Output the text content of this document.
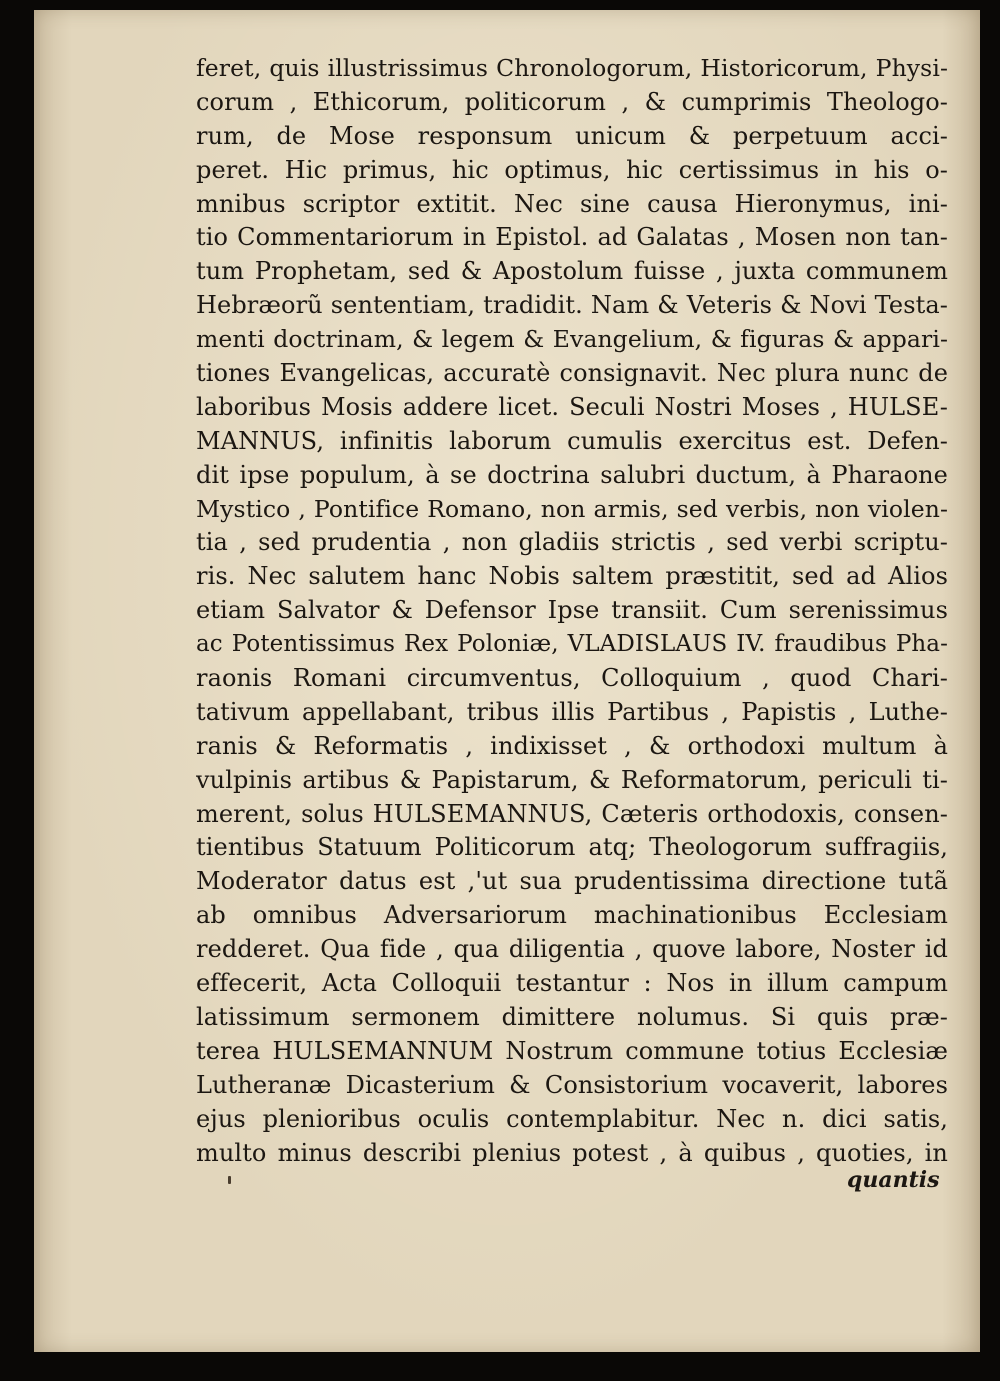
feret, quis illustrissimus Chronologorum, Historicorum, Physi-
corum , Ethicorum, politicorum , & cumprimis Theologo-
rum, de Mose responsum unicum & perpetuum acci-
peret. Hic primus, hic optimus, hic certissimus in his o-
mnibus scriptor extitit. Nec sine causa Hieronymus, ini-
tio Commentariorum in Epistol. ad Galatas , Mosen non tan-
tum Prophetam, sed & Apostolum fuisse , juxta communem
Hebræorũ sententiam, tradidit. Nam & Veteris & Novi Testa-
menti doctrinam, & legem & Evangelium, & figuras & appari-
tiones Evangelicas, accuratè consignavit. Nec plura nunc de
laboribus Mosis addere licet. Seculi Nostri Moses , HULSE-
MANNUS, infinitis laborum cumulis exercitus est. Defen-
dit ipse populum, à se doctrina salubri ductum, à Pharaone
Mystico , Pontifice Romano, non armis, sed verbis, non violen-
tia , sed prudentia , non gladiis strictis , sed verbi scriptu-
ris. Nec salutem hanc Nobis saltem præstitit, sed ad Alios
etiam Salvator & Defensor Ipse transiit. Cum serenissimus
ac Potentissimus Rex Poloniæ, VLADISLAUS IV. fraudibus Pha-
raonis Romani circumventus, Colloquium , quod Chari-
tativum appellabant, tribus illis Partibus , Papistis , Luthe-
ranis & Reformatis , indixisset , & orthodoxi multum à
vulpinis artibus & Papistarum, & Reformatorum, periculi ti-
merent, solus HULSEMANNUS, Cæteris orthodoxis, consen-
tientibus Statuum Politicorum atq; Theologorum suffragiis,
Moderator datus est ,'ut sua prudentissima directione tutã
ab omnibus Adversariorum machinationibus Ecclesiam
redderet. Qua fide , qua diligentia , quove labore, Noster id
effecerit, Acta Colloquii testantur : Nos in illum campum
latissimum sermonem dimittere nolumus. Si quis præ-
terea HULSEMANNUM Nostrum commune totius Ecclesiæ
Lutheranæ Dicasterium & Consistorium vocaverit, labores
ejus plenioribus oculis contemplabitur. Nec n. dici satis,
multo minus describi plenius potest , à quibus , quoties, in
quantis
